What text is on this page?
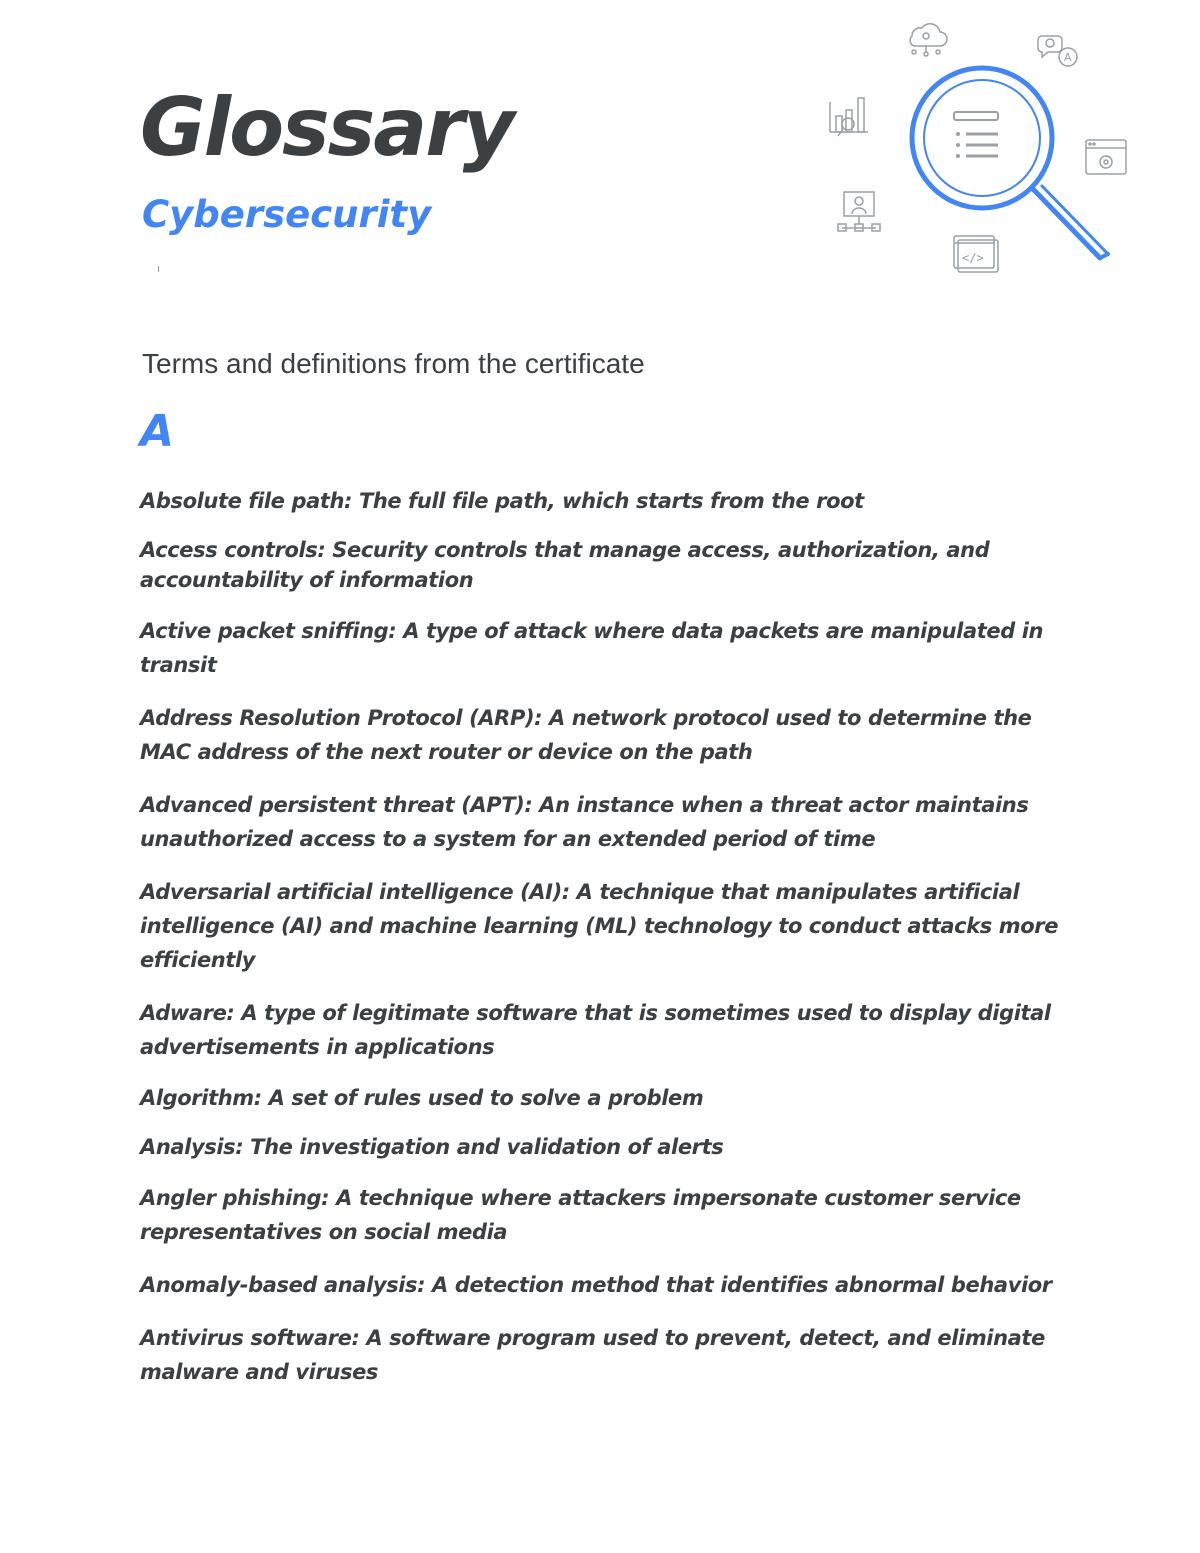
Glossary
Cybersecurity
A
</>

Terms and definitions from the certificate

A

Absolute file path: The full file path, which starts from the root
Access controls: Security controls that manage access, authorization, and accountability of information
Active packet sniffing: A type of attack where data packets are manipulated in transit
Address Resolution Protocol (ARP): A network protocol used to determine the MAC address of the next router or device on the path
Advanced persistent threat (APT): An instance when a threat actor maintains unauthorized access to a system for an extended period of time
Adversarial artificial intelligence (AI): A technique that manipulates artificial intelligence (AI) and machine learning (ML) technology to conduct attacks more efficiently
Adware: A type of legitimate software that is sometimes used to display digital advertisements in applications
Algorithm: A set of rules used to solve a problem
Analysis: The investigation and validation of alerts
Angler phishing: A technique where attackers impersonate customer service representatives on social media
Anomaly-based analysis: A detection method that identifies abnormal behavior
Antivirus software: A software program used to prevent, detect, and eliminate malware and viruses
